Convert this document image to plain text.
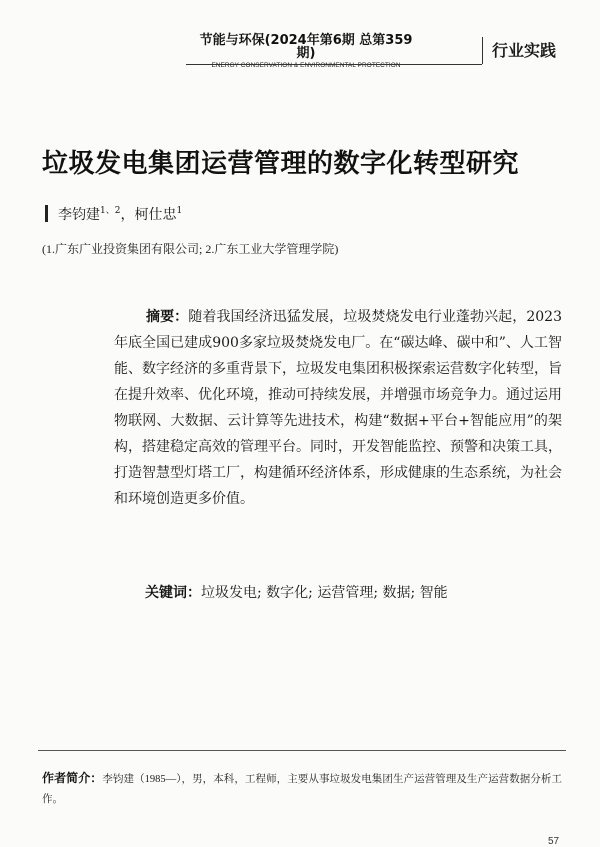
节能与环保(2024年第6期 总第359期)
ENERGY CONSERVATION & ENVIRONMENTAL PROTECTION
行业实践
垃圾发电集团运营管理的数字化转型研究
李钧建$^{1、2}$，柯仕忠$^1$
(1.广东广业投资集团有限公司; 2.广东工业大学管理学院)

摘要：随着我国经济迅猛发展，垃圾焚烧发电行业蓬勃兴起，2023年底全国已建成900多家垃圾焚烧发电厂。在“碳达峰、碳中和”、人工智能、数字经济的多重背景下，垃圾发电集团积极探索运营数字化转型，旨在提升效率、优化环境，推动可持续发展，并增强市场竞争力。通过运用物联网、大数据、云计算等先进技术，构建“数据+平台+智能应用”的架构，搭建稳定高效的管理平台。同时，开发智能监控、预警和决策工具，打造智慧型灯塔工厂，构建循环经济体系，形成健康的生态系统，为社会和环境创造更多价值。

关键词：垃圾发电; 数字化; 运营管理; 数据; 智能
作者简介：李钧建（1985—），男，本科，工程师，主要从事垃圾发电集团生产运营管理及生产运营数据分析工作。
57
